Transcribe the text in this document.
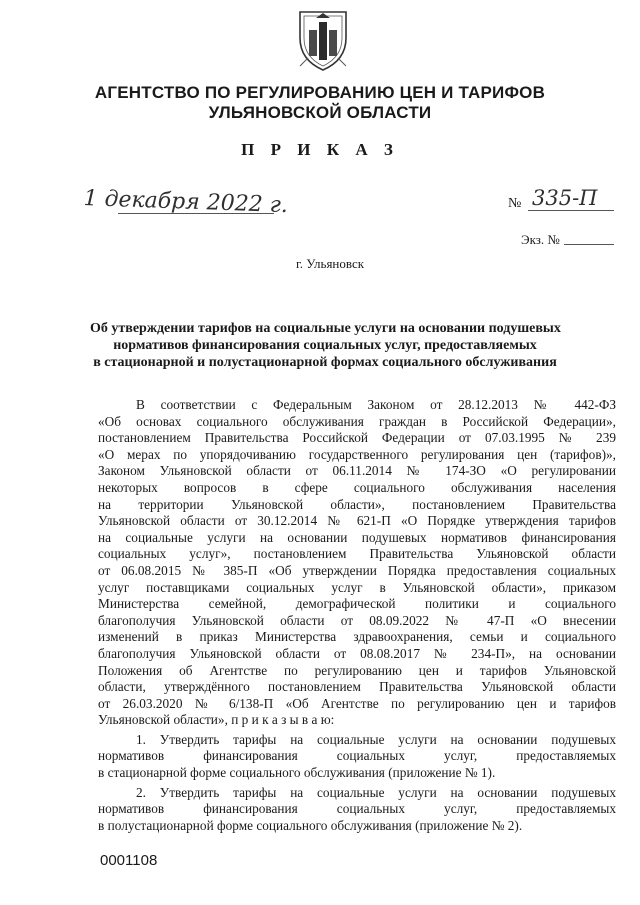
АГЕНТСТВО ПО РЕГУЛИРОВАНИЮ ЦЕН И ТАРИФОВ
УЛЬЯНОВСКОЙ ОБЛАСТИ
П Р И К А З
1 декабря 2022 г.	№ 335-П
Экз. №
г. Ульяновск
Об утверждении тарифов на социальные услуги на основании подушевых
нормативов финансирования социальных услуг, предоставляемых
в стационарной и полустационарной формах социального обслуживания
В соответствии с Федеральным Законом от 28.12.2013 № 442-ФЗ
«Об основах социального обслуживания граждан в Российской Федерации»,
постановлением Правительства Российской Федерации от 07.03.1995 № 239
«О мерах по упорядочиванию государственного регулирования цен (тарифов)»,
Законом Ульяновской области от 06.11.2014 № 174-ЗО «О регулировании
некоторых вопросов в сфере социального обслуживания населения
на территории Ульяновской области», постановлением Правительства
Ульяновской области от 30.12.2014 № 621-П «О Порядке утверждения тарифов
на социальные услуги на основании подушевых нормативов финансирования
социальных услуг», постановлением Правительства Ульяновской области
от 06.08.2015 № 385-П «Об утверждении Порядка предоставления социальных
услуг поставщиками социальных услуг в Ульяновской области», приказом
Министерства семейной, демографической политики и социального
благополучия Ульяновской области от 08.09.2022 № 47-П «О внесении
изменений в приказ Министерства здравоохранения, семьи и социального
благополучия Ульяновской области от 08.08.2017 № 234-П», на основании
Положения об Агентстве по регулированию цен и тарифов Ульяновской
области, утверждённого постановлением Правительства Ульяновской области
от 26.03.2020 № 6/138-П «Об Агентстве по регулированию цен и тарифов
Ульяновской области», п р и к а з ы в а ю:
1. Утвердить тарифы на социальные услуги на основании подушевых
нормативов финансирования социальных услуг, предоставляемых
в стационарной форме социального обслуживания (приложение № 1).
2. Утвердить тарифы на социальные услуги на основании подушевых
нормативов финансирования социальных услуг, предоставляемых
в полустационарной форме социального обслуживания (приложение № 2).
0001108
